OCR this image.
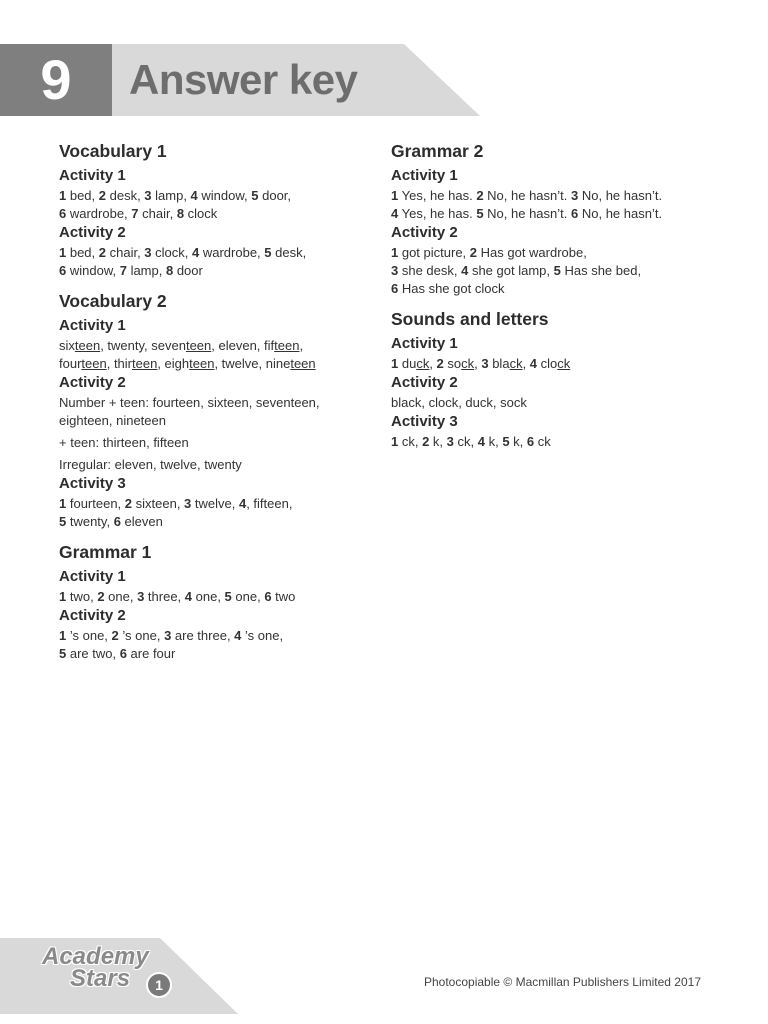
9	Answer key
Vocabulary 1
Activity 1
1 bed, 2 desk, 3 lamp, 4 window, 5 door,
6 wardrobe, 7 chair, 8 clock
Activity 2
1 bed, 2 chair, 3 clock, 4 wardrobe, 5 desk,
6 window, 7 lamp, 8 door
Vocabulary 2
Activity 1
sixteen, twenty, seventeen, eleven, fifteen,
fourteen, thirteen, eighteen, twelve, nineteen
Activity 2
Number + teen: fourteen, sixteen, seventeen,
eighteen, nineteen
+ teen: thirteen, fifteen
Irregular: eleven, twelve, twenty
Activity 3
1 fourteen, 2 sixteen, 3 twelve, 4, fifteen,
5 twenty, 6 eleven
Grammar 1
Activity 1
1 two, 2 one, 3 three, 4 one, 5 one, 6 two
Activity 2
1 ’s one, 2 ’s one, 3 are three, 4 ’s one,
5 are two, 6 are four
Grammar 2
Activity 1
1 Yes, he has. 2 No, he hasn’t. 3 No, he hasn’t.
4 Yes, he has. 5 No, he hasn’t. 6 No, he hasn’t.
Activity 2
1 got picture, 2 Has got wardrobe,
3 she desk, 4 she got lamp, 5 Has she bed,
6 Has she got clock
Sounds and letters
Activity 1
1 duck, 2 sock, 3 black, 4 clock
Activity 2
black, clock, duck, sock
Activity 3
1 ck, 2 k, 3 ck, 4 k, 5 k, 6 ck
Academy
Stars	1	Photocopiable © Macmillan Publishers Limited 2017
